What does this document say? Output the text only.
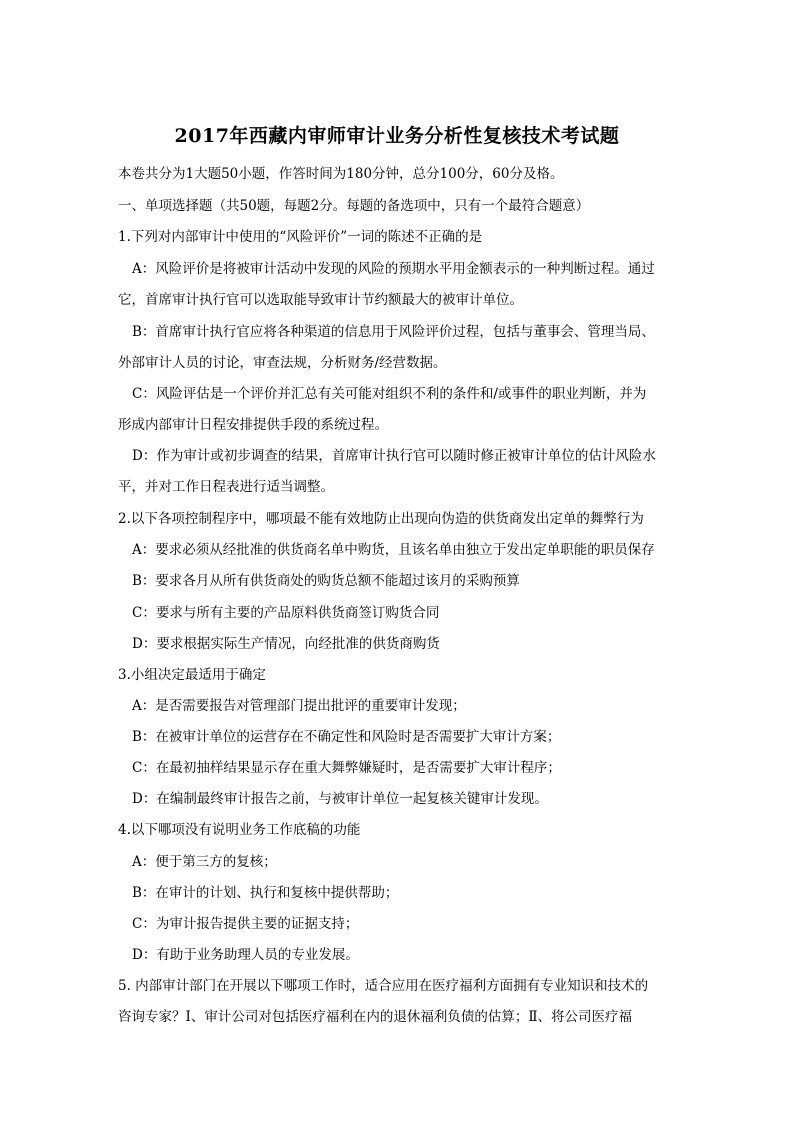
2017年西藏内审师审计业务分析性复核技术考试题
本卷共分为1大题50小题，作答时间为180分钟，总分100分，60分及格。
一、单项选择题（共50题，每题2分。每题的备选项中，只有一个最符合题意）
1.下列对内部审计中使用的“风险评价”一词的陈述不正确的是
A：风险评价是将被审计活动中发现的风险的预期水平用金额表示的一种判断过程。通过
它，首席审计执行官可以选取能导致审计节约额最大的被审计单位。
B：首席审计执行官应将各种渠道的信息用于风险评价过程，包括与董事会、管理当局、
外部审计人员的讨论，审查法规，分析财务/经营数据。
C：风险评估是一个评价并汇总有关可能对组织不利的条件和/或事件的职业判断，并为
形成内部审计日程安排提供手段的系统过程。
D：作为审计或初步调查的结果，首席审计执行官可以随时修正被审计单位的估计风险水
平，并对工作日程表进行适当调整。
2.以下各项控制程序中，哪项最不能有效地防止出现向伪造的供货商发出定单的舞弊行为
A：要求必须从经批准的供货商名单中购货，且该名单由独立于发出定单职能的职员保存
B：要求各月从所有供货商处的购货总额不能超过该月的采购预算
C：要求与所有主要的产品原料供货商签订购货合同
D：要求根据实际生产情况，向经批准的供货商购货
3.小组决定最适用于确定
A：是否需要报告对管理部门提出批评的重要审计发现；
B：在被审计单位的运营存在不确定性和风险时是否需要扩大审计方案；
C：在最初抽样结果显示存在重大舞弊嫌疑时，是否需要扩大审计程序；
D：在编制最终审计报告之前，与被审计单位一起复核关键审计发现。
4.以下哪项没有说明业务工作底稿的功能
A：便于第三方的复核；
B：在审计的计划、执行和复核中提供帮助；
C：为审计报告提供主要的证据支持；
D：有助于业务助理人员的专业发展。
5. 内部审计部门在开展以下哪项工作时，适合应用在医疗福利方面拥有专业知识和技术的
咨询专家？Ⅰ、审计公司对包括医疗福利在内的退休福利负债的估算；Ⅱ、将公司医疗福
